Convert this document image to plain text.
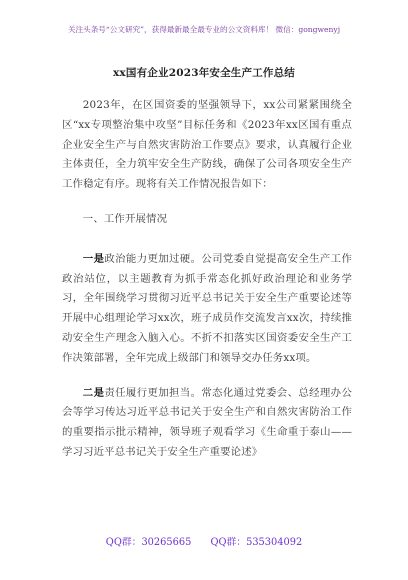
关注头条号“公文研究”，获得最新最全最专业的公文资料库！ 微信：gongwenyj
xx国有企业2023年安全生产工作总结

2023年，在区国资委的坚强领导下，xx公司紧紧围绕全区“xx专项整治集中攻坚”目标任务和《2023年xx区国有重点企业安全生产与自然灾害防治工作要点》要求，认真履行企业主体责任，全力筑牢安全生产防线，确保了公司各项安全生产工作稳定有序。现将有关工作情况报告如下：

一、工作开展情况

一是政治能力更加过硬。公司党委自觉提高安全生产工作政治站位，以主题教育为抓手常态化抓好政治理论和业务学习，全年围绕学习贯彻习近平总书记关于安全生产重要论述等开展中心组理论学习xx次，班子成员作交流发言xx次，持续推动安全生产理念入脑入心。不折不扣落实区国资委安全生产工作决策部署，全年完成上级部门和领导交办任务xx项。

二是责任履行更加担当。常态化通过党委会、总经理办公会等学习传达习近平总书记关于安全生产和自然灾害防治工作的重要指示批示精神，领导班子观看学习《生命重于泰山——学习习近平总书记关于安全生产重要论述》

QQ群：30265665 QQ群：535304092
